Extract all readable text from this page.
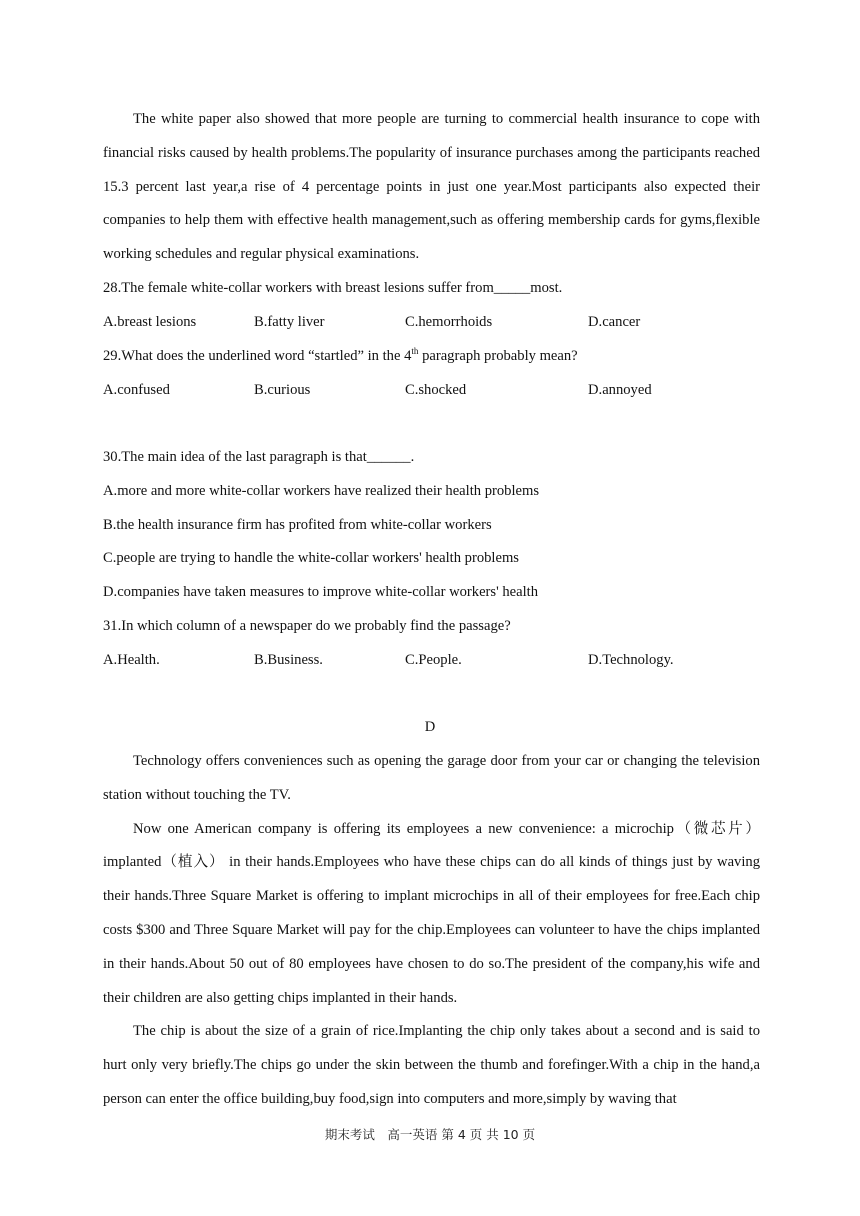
The white paper also showed that more people are turning to commercial health insurance to cope with financial risks caused by health problems.The popularity of insurance purchases among the participants reached 15.3 percent last year,a rise of 4 percentage points in just one year.Most participants also expected their companies to help them with effective health management,such as offering membership cards for gyms,flexible working schedules and regular physical examinations.

28.The female white-collar workers with breast lesions suffer from_____most.

A.breast lesions	B.fatty liver	C.hemorrhoids	D.cancer

29.What does the underlined word “startled” in the 4th paragraph probably mean?

A.confused	B.curious	C.shocked	D.annoyed

30.The main idea of the last paragraph is that______.

A.more and more white-collar workers have realized their health problems

B.the health insurance firm has profited from white-collar workers

C.people are trying to handle the white-collar workers' health problems

D.companies have taken measures to improve white-collar workers' health

31.In which column of a newspaper do we probably find the passage?

A.Health.	B.Business.	C.People.	D.Technology.
D

Technology offers conveniences such as opening the garage door from your car or changing the television station without touching the TV.

Now one American company is offering its employees a new convenience: a microchip（微芯片）implanted（植入） in their hands.Employees who have these chips can do all kinds of things just by waving their hands.Three Square Market is offering to implant microchips in all of their employees for free.Each chip costs $300 and Three Square Market will pay for the chip.Employees can volunteer to have the chips implanted in their hands.About 50 out of 80 employees have chosen to do so.The president of the company,his wife and their children are also getting chips implanted in their hands.

The chip is about the size of a grain of rice.Implanting the chip only takes about a second and is said to hurt only very briefly.The chips go under the skin between the thumb and forefinger.With a chip in the hand,a person can enter the office building,buy food,sign into computers and more,simply by waving that

期末考试　高一英语 第 4 页 共 10 页
